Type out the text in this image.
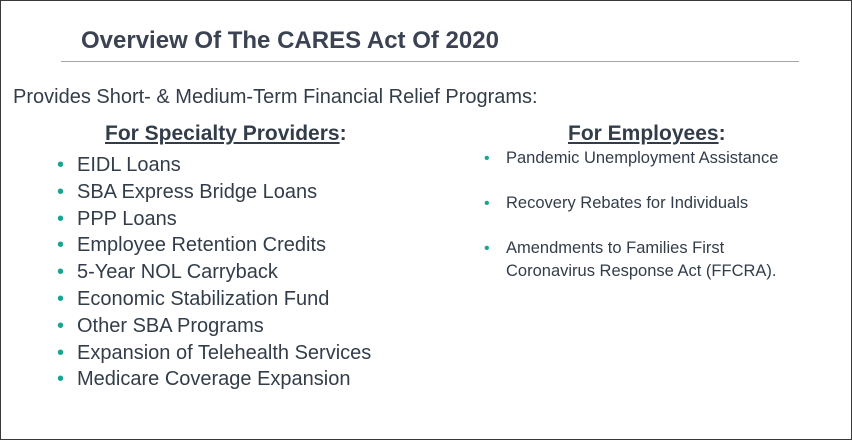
Overview Of The CARES Act Of 2020
Provides Short- & Medium-Term Financial Relief Programs:
For Specialty Providers:
• EIDL Loans
• SBA Express Bridge Loans
• PPP Loans
• Employee Retention Credits
• 5-Year NOL Carryback
• Economic Stabilization Fund
• Other SBA Programs
• Expansion of Telehealth Services
• Medicare Coverage Expansion
For Employees:
• Pandemic Unemployment Assistance
• Recovery Rebates for Individuals
• Amendments to Families First
Coronavirus Response Act (FFCRA).
